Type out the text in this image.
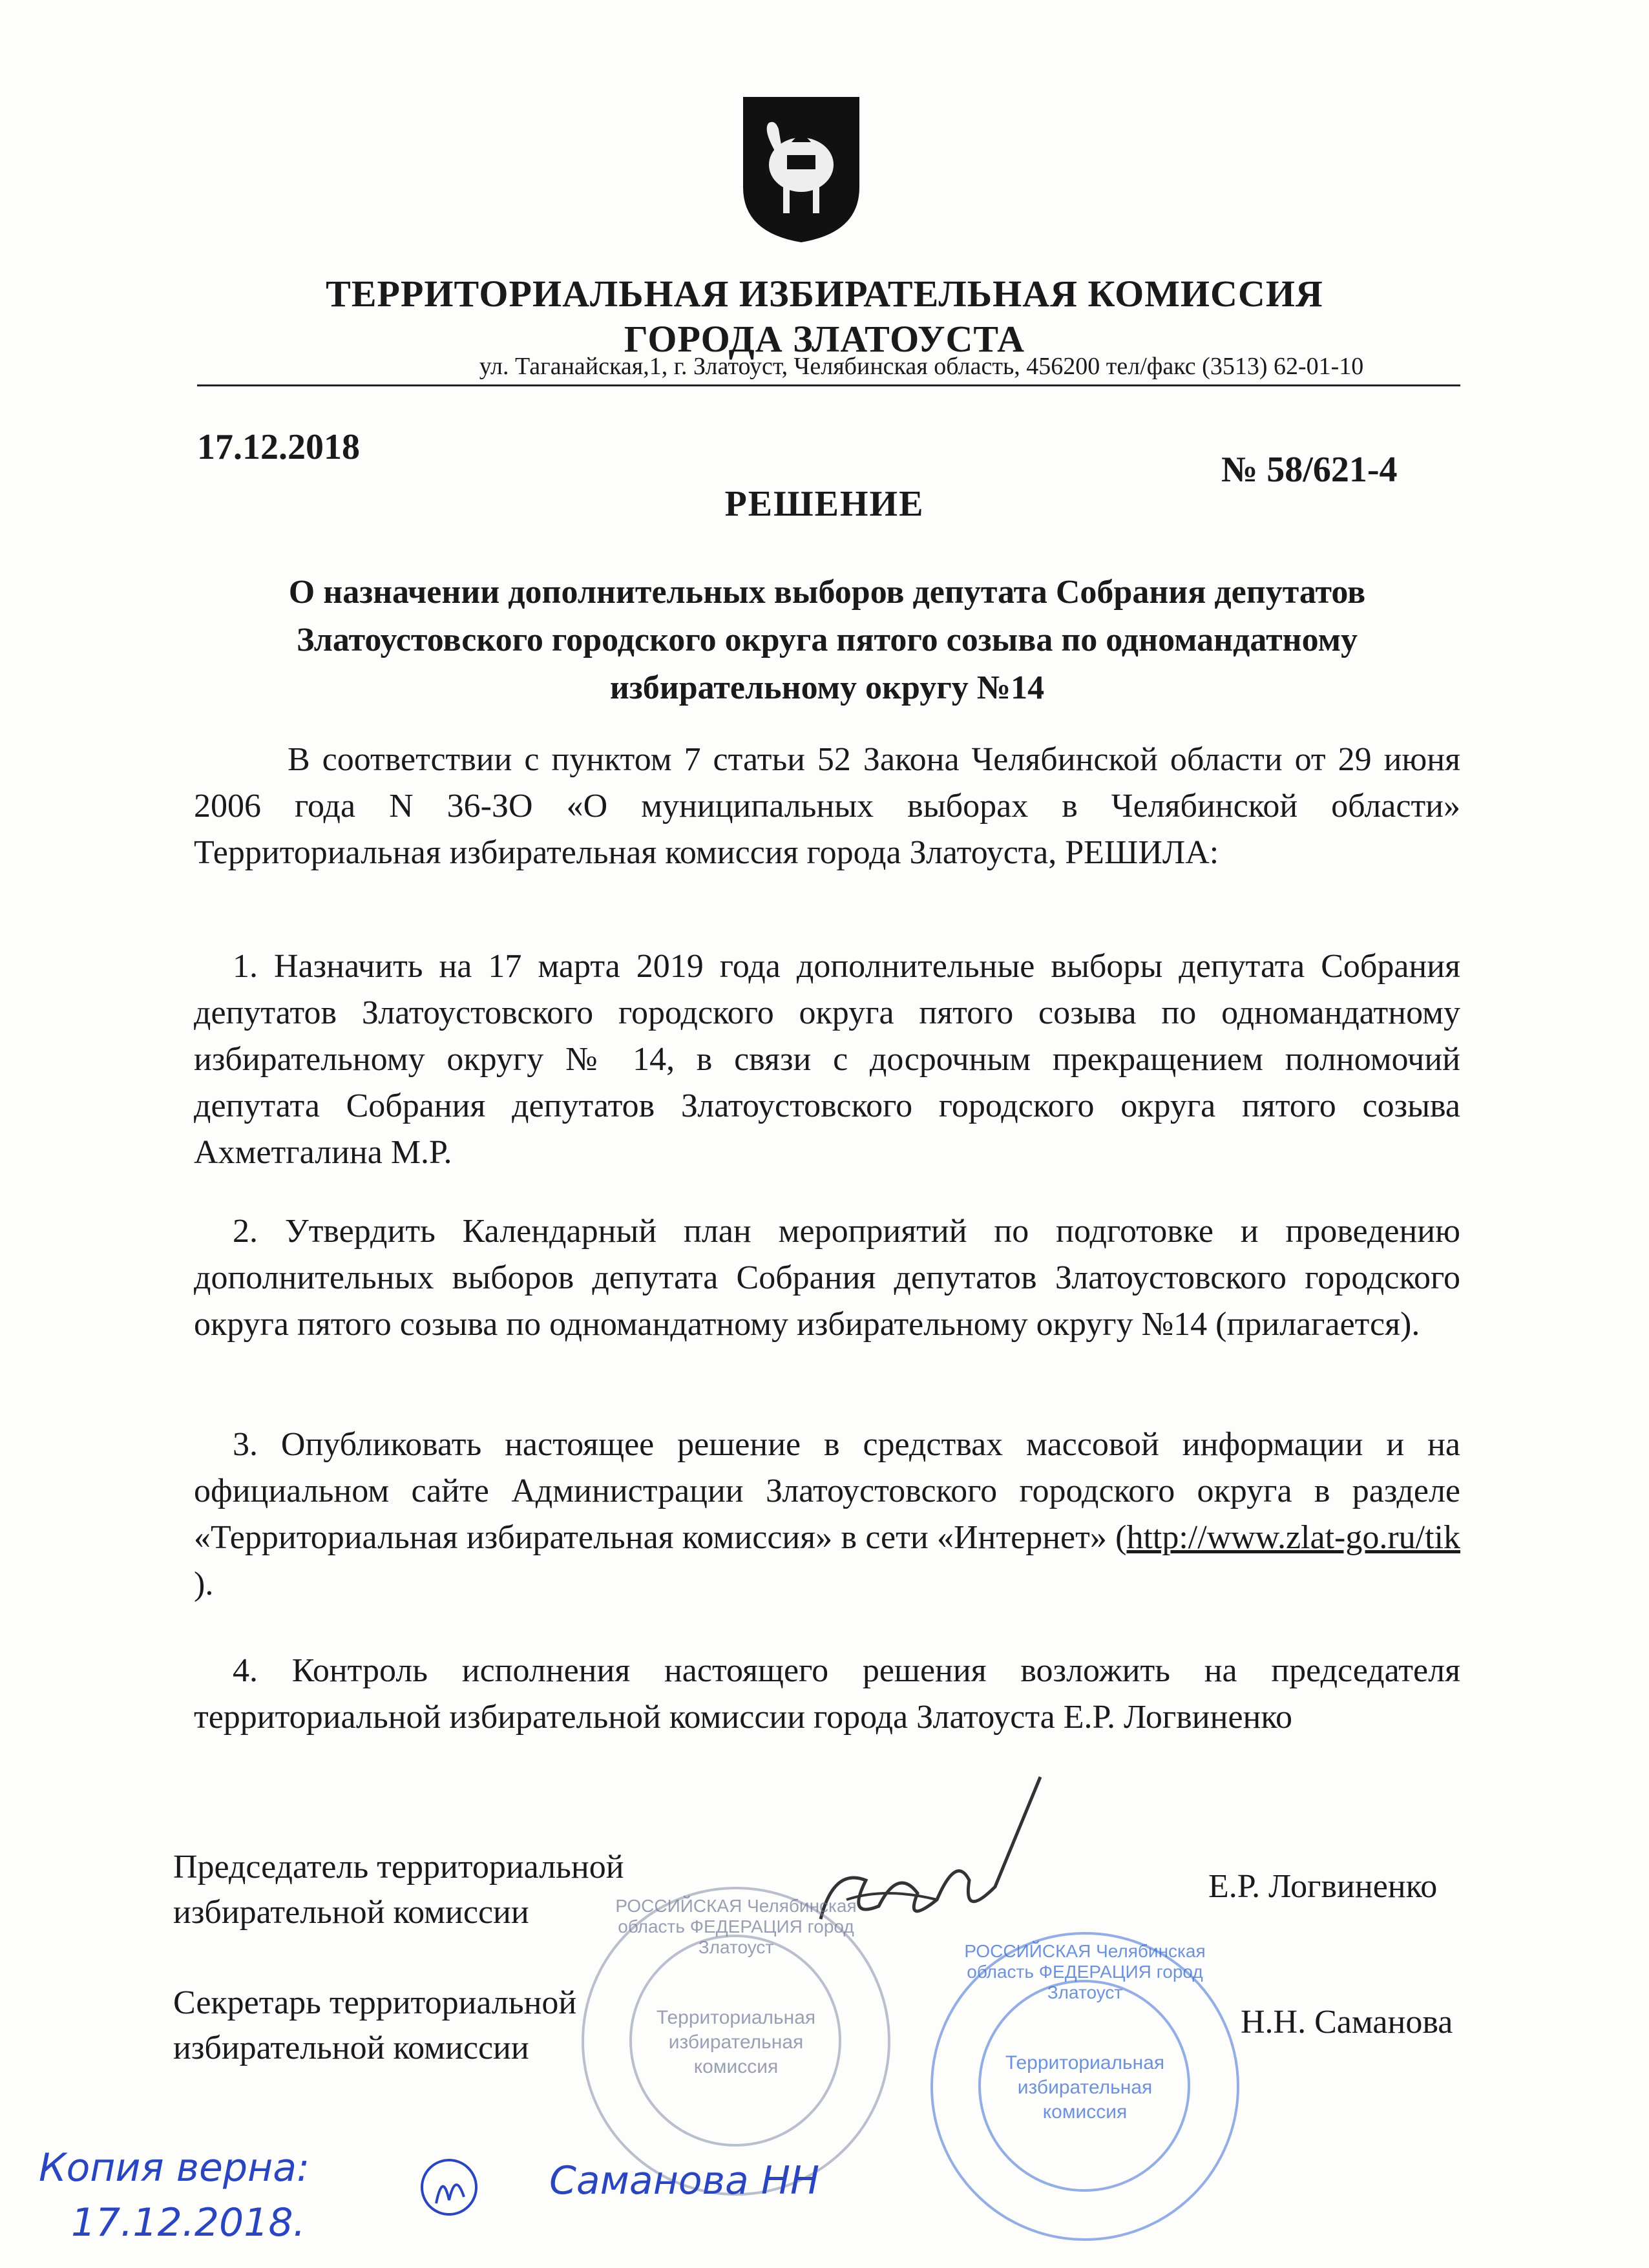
ТЕРРИТОРИАЛЬНАЯ ИЗБИРАТЕЛЬНАЯ КОМИССИЯ
ГОРОДА ЗЛАТОУСТА
ул. Таганайская,1, г. Златоуст, Челябинская область, 456200 тел/факс (3513) 62-01-10
17.12.2018
№ 58/621-4
РЕШЕНИЕ
О назначении дополнительных выборов депутата Собрания депутатов Златоустовского городского округа пятого созыва по одномандатному избирательному округу №14
В соответствии с пунктом 7 статьи 52 Закона Челябинской области от 29 июня 2006 года N 36-ЗО «О муниципальных выборах в Челябинской области» Территориальная избирательная комиссия города Златоуста, РЕШИЛА:
1. Назначить на 17 марта 2019 года дополнительные выборы депутата Собрания депутатов Златоустовского городского округа пятого созыва по одномандатному избирательному округу № 14, в связи с досрочным прекращением полномочий депутата Собрания депутатов Златоустовского городского округа пятого созыва Ахметгалина М.Р.
2. Утвердить Календарный план мероприятий по подготовке и проведению дополнительных выборов депутата Собрания депутатов Златоустовского городского округа пятого созыва по одномандатному избирательному округу №14 (прилагается).
3. Опубликовать настоящее решение в средствах массовой информации и на официальном сайте Администрации Златоустовского городского округа в разделе «Территориальная избирательная комиссия» в сети «Интернет» (http://www.zlat-go.ru/tik ).
4. Контроль исполнения настоящего решения возложить на председателя территориальной избирательной комиссии города Златоуста Е.Р. Логвиненко
Председатель территориальной
избирательной комиссии
Е.Р. Логвиненко
Секретарь территориальной
избирательной комиссии
Н.Н. Саманова
РОССИЙСКАЯ Челябинская область ФЕДЕРАЦИЯ город Златоуст
Территориальная избирательная комиссия
РОССИЙСКАЯ Челябинская область ФЕДЕРАЦИЯ город Златоуст
Территориальная избирательная комиссия
Копия верна:
17.12.2018.
Саманова НН
